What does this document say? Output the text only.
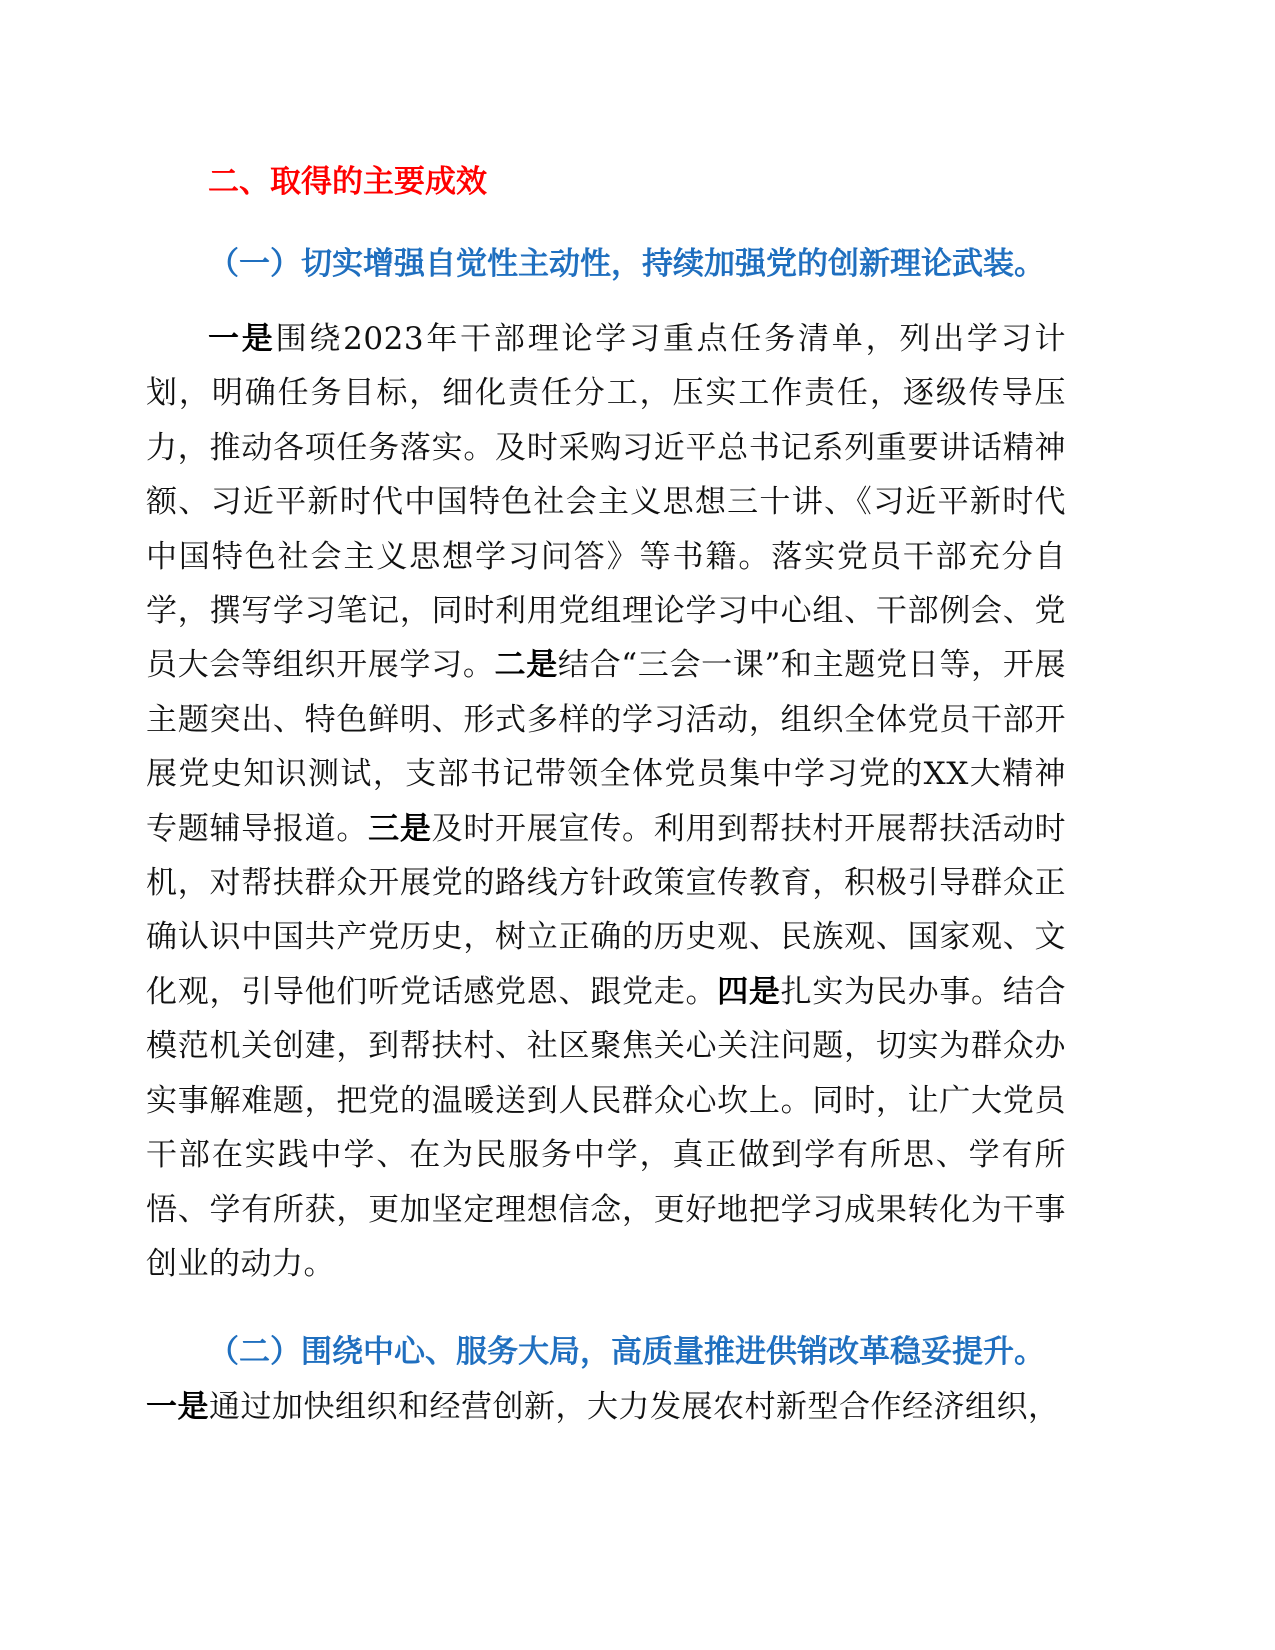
二、取得的主要成效
（一）切实增强自觉性主动性，持续加强党的创新理论武装。

一是围绕2023年干部理论学习重点任务清单，列出学习计划，明确任务目标，细化责任分工，压实工作责任，逐级传导压力，推动各项任务落实。及时采购习近平总书记系列重要讲话精神额、习近平新时代中国特色社会主义思想三十讲、《习近平新时代中国特色社会主义思想学习问答》等书籍。落实党员干部充分自学，撰写学习笔记，同时利用党组理论学习中心组、干部例会、党员大会等组织开展学习。二是结合“三会一课”和主题党日等，开展主题突出、特色鲜明、形式多样的学习活动，组织全体党员干部开展党史知识测试，支部书记带领全体党员集中学习党的XX大精神专题辅导报道。三是及时开展宣传。利用到帮扶村开展帮扶活动时机，对帮扶群众开展党的路线方针政策宣传教育，积极引导群众正确认识中国共产党历史，树立正确的历史观、民族观、国家观、文化观，引导他们听党话感党恩、跟党走。四是扎实为民办事。结合模范机关创建，到帮扶村、社区聚焦关心关注问题，切实为群众办实事解难题，把党的温暖送到人民群众心坎上。同时，让广大党员干部在实践中学、在为民服务中学，真正做到学有所思、学有所悟、学有所获，更加坚定理想信念，更好地把学习成果转化为干事创业的动力。

（二）围绕中心、服务大局，高质量推进供销改革稳妥提升。

一是通过加快组织和经营创新，大力发展农村新型合作经济组织，
